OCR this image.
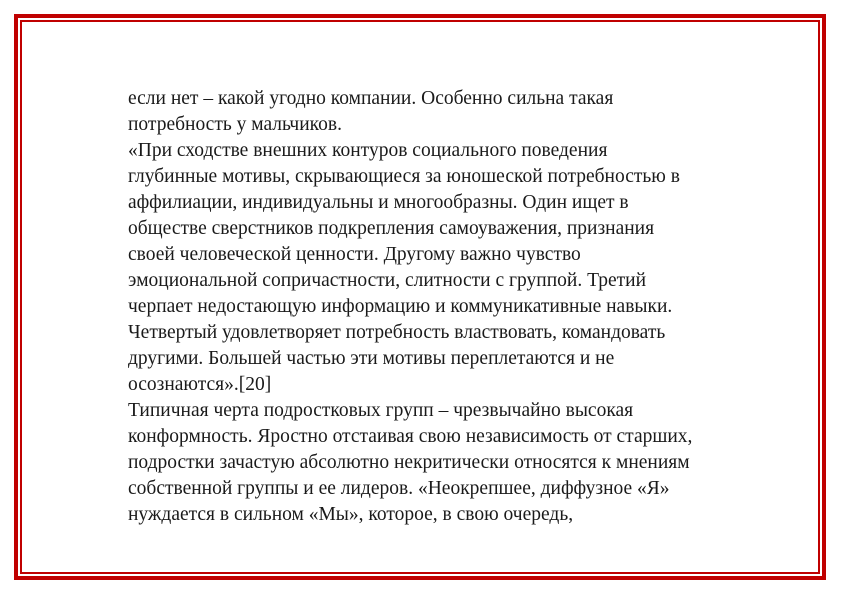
если нет – какой угодно компании. Особенно сильна такая
потребность у мальчиков.
«При сходстве внешних контуров социального поведения
глубинные мотивы, скрывающиеся за юношеской потребностью в
аффилиации, индивидуальны и многообразны. Один ищет в
обществе сверстников подкрепления самоуважения, признания
своей человеческой ценности. Другому важно чувство
эмоциональной сопричастности, слитности с группой. Третий
черпает недостающую информацию и коммуникативные навыки.
Четвертый удовлетворяет потребность властвовать, командовать
другими. Большей частью эти мотивы переплетаются и не
осознаются».[20]
Типичная черта подростковых групп – чрезвычайно высокая
конформность. Яростно отстаивая свою независимость от старших,
подростки зачастую абсолютно некритически относятся к мнениям
собственной группы и ее лидеров. «Неокрепшее, диффузное «Я»
нуждается в сильном «Мы», которое, в свою очередь,
